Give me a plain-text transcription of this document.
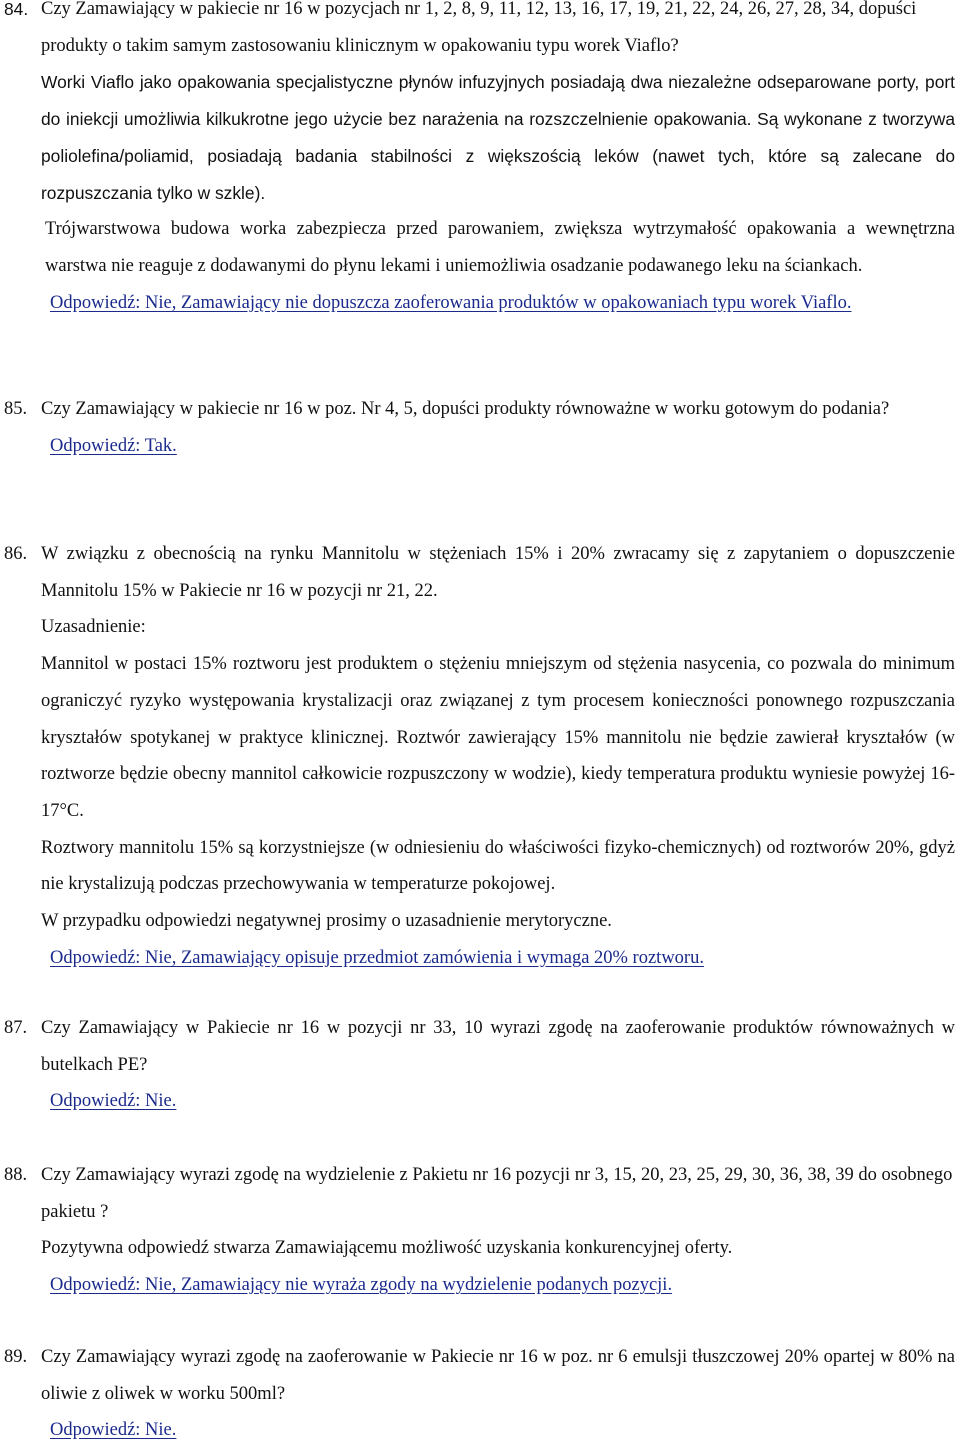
84. Czy Zamawiający w pakiecie nr 16 w pozycjach nr 1, 2, 8, 9, 11, 12, 13, 16, 17, 19, 21, 22, 24, 26, 27, 28, 34, dopuści produkty o takim samym zastosowaniu klinicznym w opakowaniu typu worek Viaflo?

Worki Viaflo jako opakowania specjalistyczne płynów infuzyjnych posiadają dwa niezależne odseparowane porty, port do iniekcji umożliwia kilkukrotne jego użycie bez narażenia na rozszczelnienie opakowania. Są wykonane z tworzywa poliolefina/poliamid, posiadają badania stabilności z większością leków (nawet tych, które są zalecane do rozpuszczania tylko w szkle).

Trójwarstwowa budowa worka zabezpiecza przed parowaniem, zwiększa wytrzymałość opakowania a wewnętrzna warstwa nie reaguje z dodawanymi do płynu lekami i uniemożliwia osadzanie podawanego leku na ściankach.

Odpowiedź: Nie, Zamawiający nie dopuszcza zaoferowania produktów w opakowaniach typu worek Viaflo.

85. Czy Zamawiający w pakiecie nr 16 w poz. Nr 4, 5, dopuści produkty równoważne w worku gotowym do podania?

Odpowiedź: Tak.

86. W związku z obecnością na rynku Mannitolu w stężeniach 15% i 20% zwracamy się z zapytaniem o dopuszczenie Mannitolu 15% w Pakiecie nr 16 w pozycji nr 21, 22.

Uzasadnienie:

Mannitol w postaci 15% roztworu jest produktem o stężeniu mniejszym od stężenia nasycenia, co pozwala do minimum ograniczyć ryzyko występowania krystalizacji oraz związanej z tym procesem konieczności ponownego rozpuszczania kryształów spotykanej w praktyce klinicznej. Roztwór zawierający 15% mannitolu nie będzie zawierał kryształów (w roztworze będzie obecny mannitol całkowicie rozpuszczony w wodzie), kiedy temperatura produktu wyniesie powyżej 16-17°C.

Roztwory mannitolu 15% są korzystniejsze (w odniesieniu do właściwości fizyko-chemicznych) od roztworów 20%, gdyż nie krystalizują podczas przechowywania w temperaturze pokojowej.

W przypadku odpowiedzi negatywnej prosimy o uzasadnienie merytoryczne.

Odpowiedź: Nie, Zamawiający opisuje przedmiot zamówienia i wymaga 20% roztworu.

87. Czy Zamawiający w Pakiecie nr 16 w pozycji nr 33, 10 wyrazi zgodę na zaoferowanie produktów równoważnych w butelkach PE?

Odpowiedź: Nie.

88. Czy Zamawiający wyrazi zgodę na wydzielenie z Pakietu nr 16 pozycji nr 3, 15, 20, 23, 25, 29, 30, 36, 38, 39 do osobnego pakietu ?

Pozytywna odpowiedź stwarza Zamawiającemu możliwość uzyskania konkurencyjnej oferty.

Odpowiedź: Nie, Zamawiający nie wyraża zgody na wydzielenie podanych pozycji.

89. Czy Zamawiający wyrazi zgodę na zaoferowanie w Pakiecie nr 16 w poz. nr 6 emulsji tłuszczowej 20% opartej w 80% na oliwie z oliwek w worku 500ml?

Odpowiedź: Nie.
